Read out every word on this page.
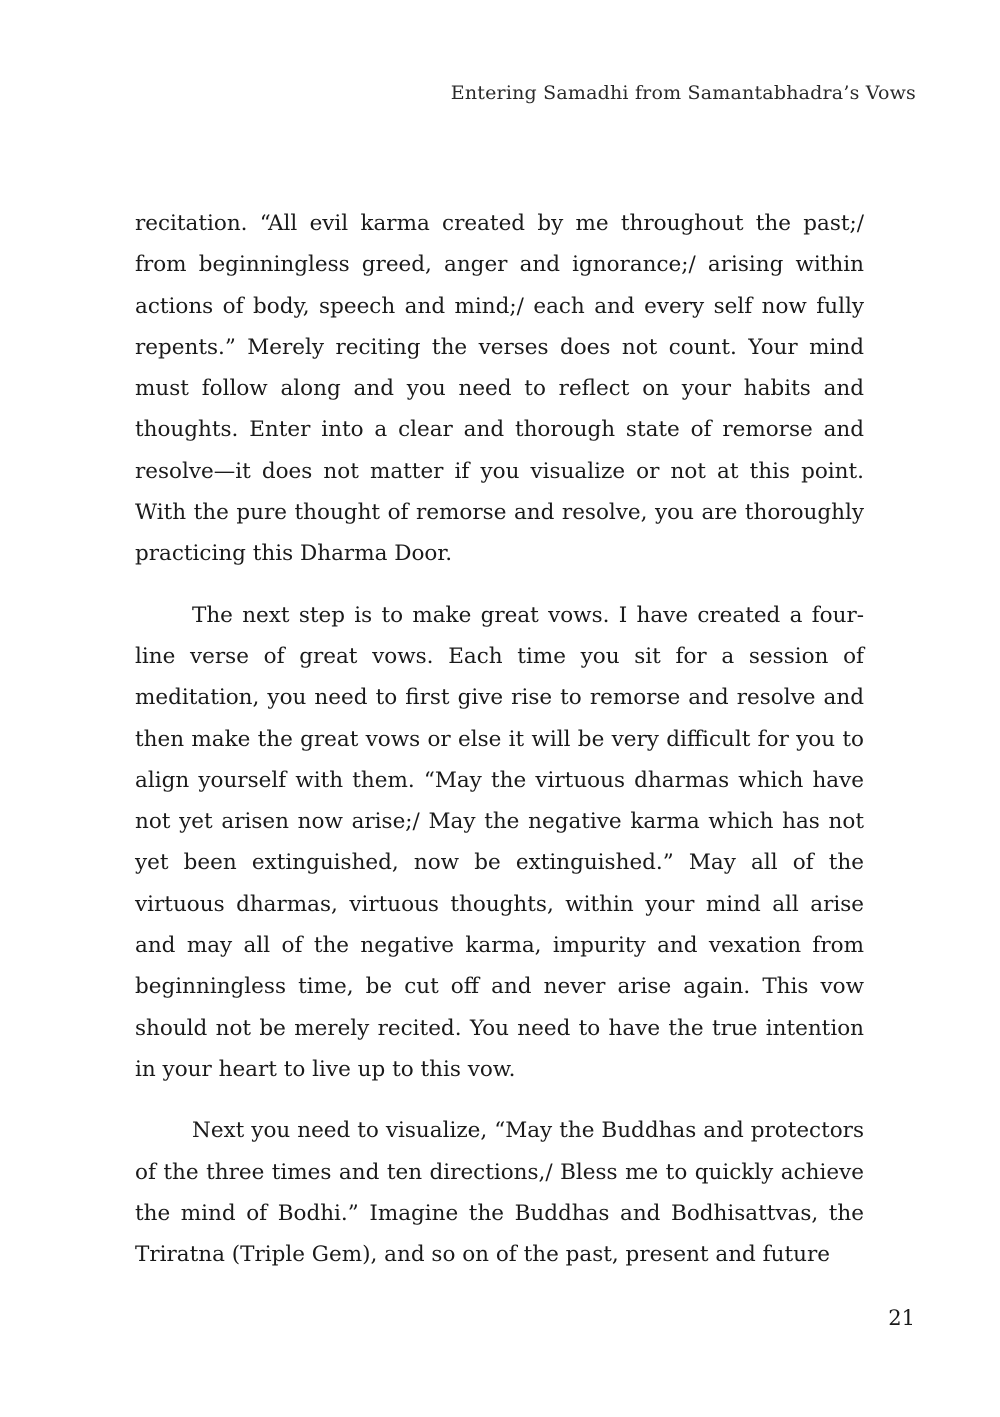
Entering Samadhi from Samantabhadra’s Vows

recitation. “All evil karma created by me throughout the past;/ from beginningless greed, anger and ignorance;/ arising within actions of body, speech and mind;/ each and every self now fully repents.” Merely reciting the verses does not count. Your mind must follow along and you need to reflect on your habits and thoughts. Enter into a clear and thorough state of remorse and resolve—it does not matter if you visualize or not at this point. With the pure thought of remorse and resolve, you are thoroughly practicing this Dharma Door.

The next step is to make great vows. I have created a four-line verse of great vows. Each time you sit for a session of meditation, you need to first give rise to remorse and resolve and then make the great vows or else it will be very difficult for you to align yourself with them. “May the virtuous dharmas which have not yet arisen now arise;/ May the negative karma which has not yet been extinguished, now be extinguished.” May all of the virtuous dharmas, virtuous thoughts, within your mind all arise and may all of the negative karma, impurity and vexation from beginningless time, be cut off and never arise again. This vow should not be merely recited. You need to have the true intention in your heart to live up to this vow.

Next you need to visualize, “May the Buddhas and protectors of the three times and ten directions,/ Bless me to quickly achieve the mind of Bodhi.” Imagine the Buddhas and Bodhisattvas, the Triratna (Triple Gem), and so on of the past, present and future

21
